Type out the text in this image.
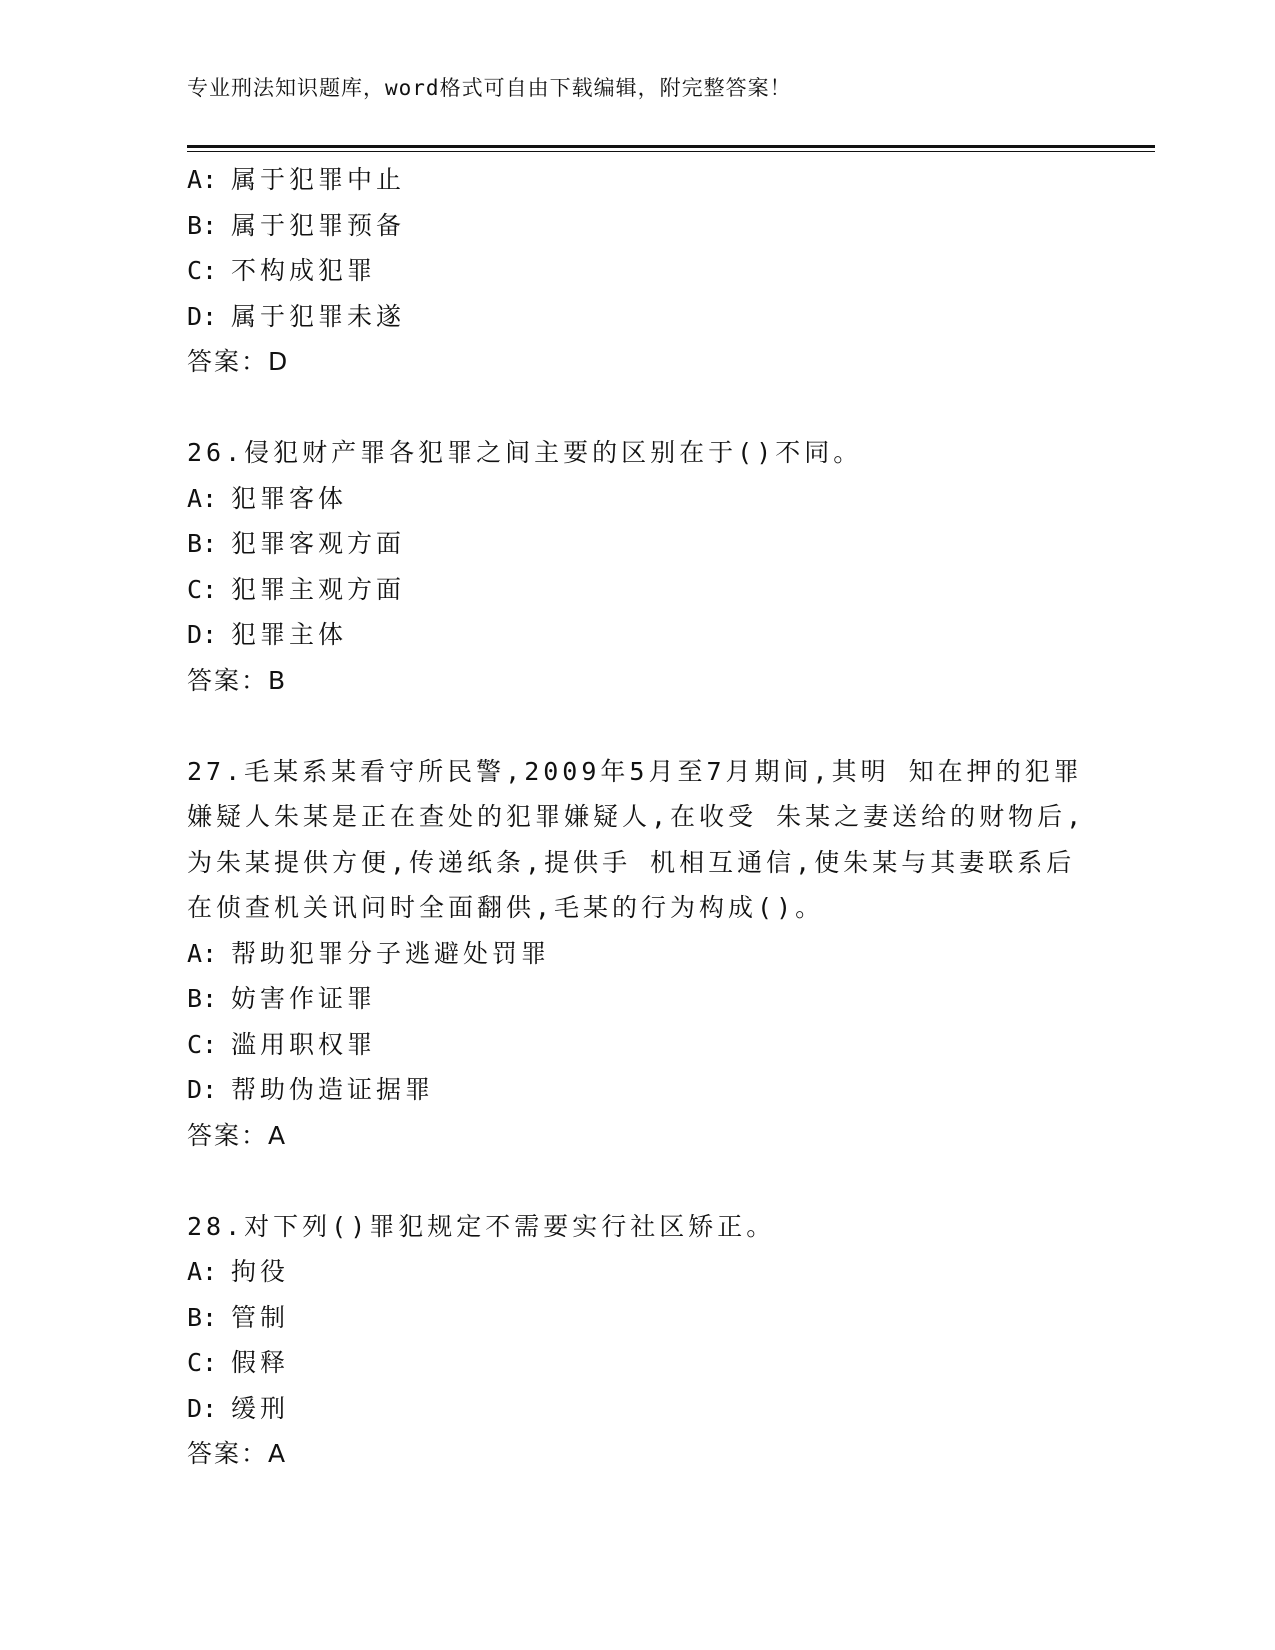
专业刑法知识题库，word格式可自由下载编辑，附完整答案！
A: 属于犯罪中止
B: 属于犯罪预备
C: 不构成犯罪
D: 属于犯罪未遂
答案：D
26.侵犯财产罪各犯罪之间主要的区别在于()不同。
A: 犯罪客体
B: 犯罪客观方面
C: 犯罪主观方面
D: 犯罪主体
答案：B
27.毛某系某看守所民警,2009年5月至7月期间,其明 知在押的犯罪
嫌疑人朱某是正在查处的犯罪嫌疑人,在收受 朱某之妻送给的财物后,
为朱某提供方便,传递纸条,提供手 机相互通信,使朱某与其妻联系后
在侦查机关讯问时全面翻供,毛某的行为构成()。
A: 帮助犯罪分子逃避处罚罪
B: 妨害作证罪
C: 滥用职权罪
D: 帮助伪造证据罪
答案：A
28.对下列()罪犯规定不需要实行社区矫正。
A: 拘役
B: 管制
C: 假释
D: 缓刑
答案：A
